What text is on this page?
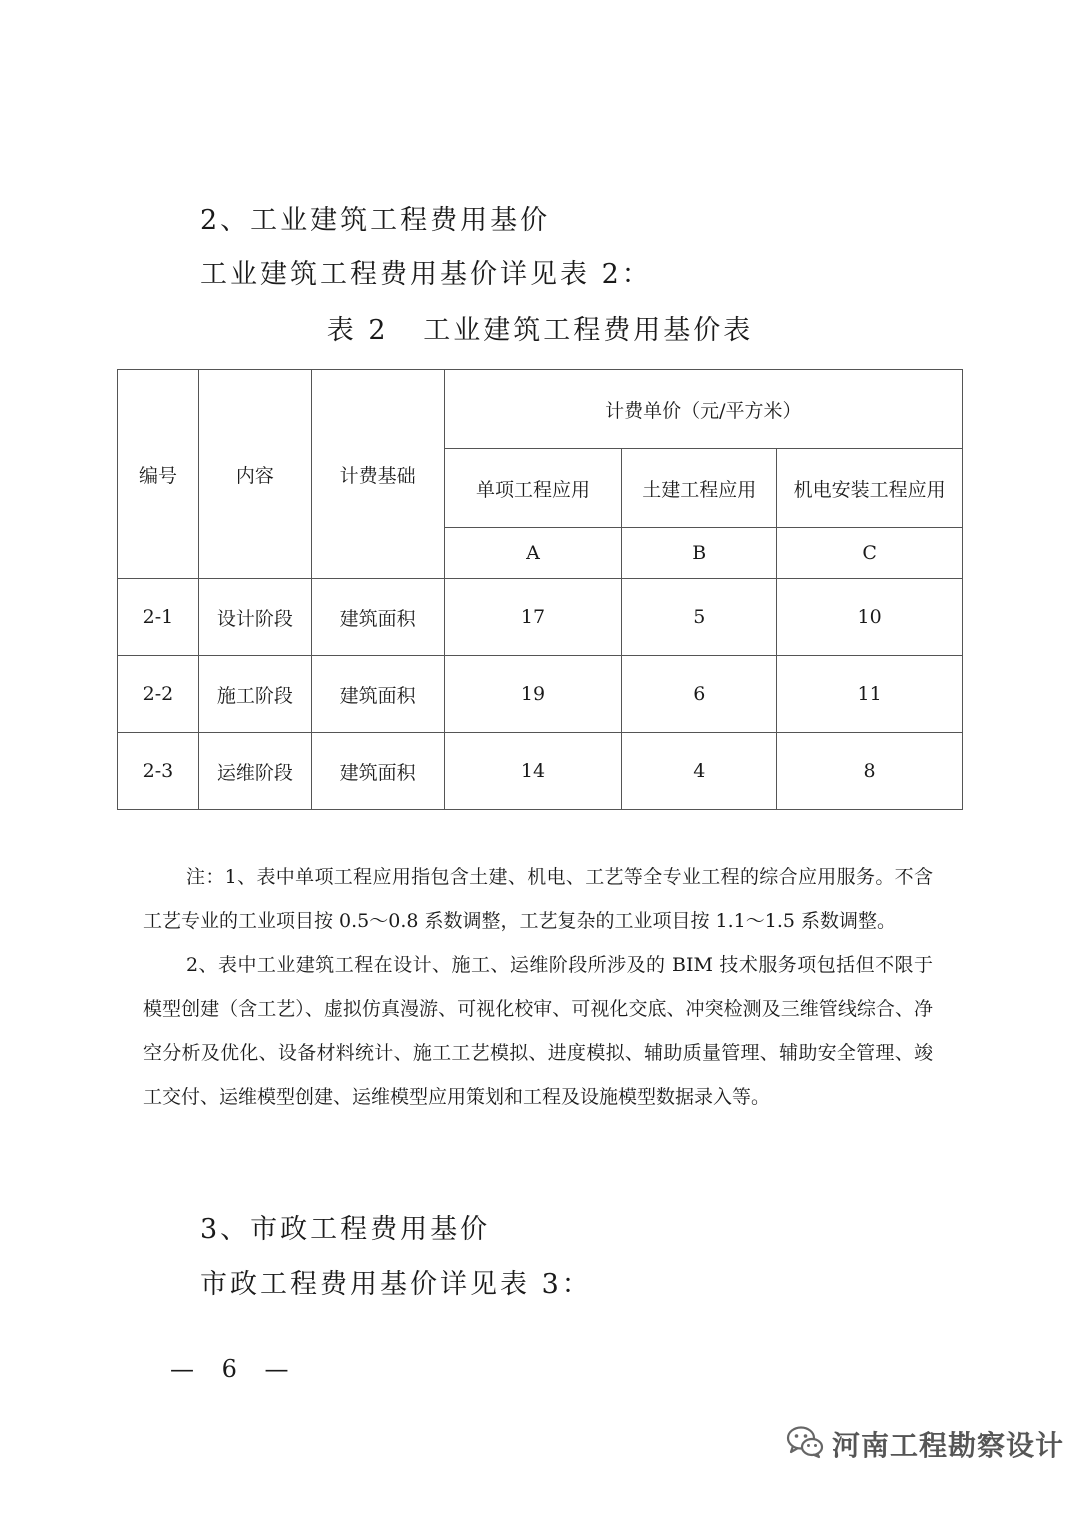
2、工业建筑工程费用基价
工业建筑工程费用基价详见表 2：
表 2   工业建筑工程费用基价表
编号	内容	计费基础	计费单价（元/平方米）		
			单项工程应用	土建工程应用	机电安装工程应用
			A	B	C
2-1	设计阶段	建筑面积	17	5	10
2-2	施工阶段	建筑面积	19	6	11
2-3	运维阶段	建筑面积	14	4	8

注：1、表中单项工程应用指包含土建、机电、工艺等全专业工程的综合应用服务。不含工艺专业的工业项目按 0.5～0.8 系数调整，工艺复杂的工业项目按 1.1～1.5 系数调整。

2、表中工业建筑工程在设计、施工、运维阶段所涉及的 BIM 技术服务项包括但不限于模型创建（含工艺）、虚拟仿真漫游、可视化校审、可视化交底、冲突检测及三维管线综合、净空分析及优化、设备材料统计、施工工艺模拟、进度模拟、辅助质量管理、辅助安全管理、竣工交付、运维模型创建、运维模型应用策划和工程及设施模型数据录入等。

3、市政工程费用基价
市政工程费用基价详见表 3：
— 6 —
河南工程勘察设计
